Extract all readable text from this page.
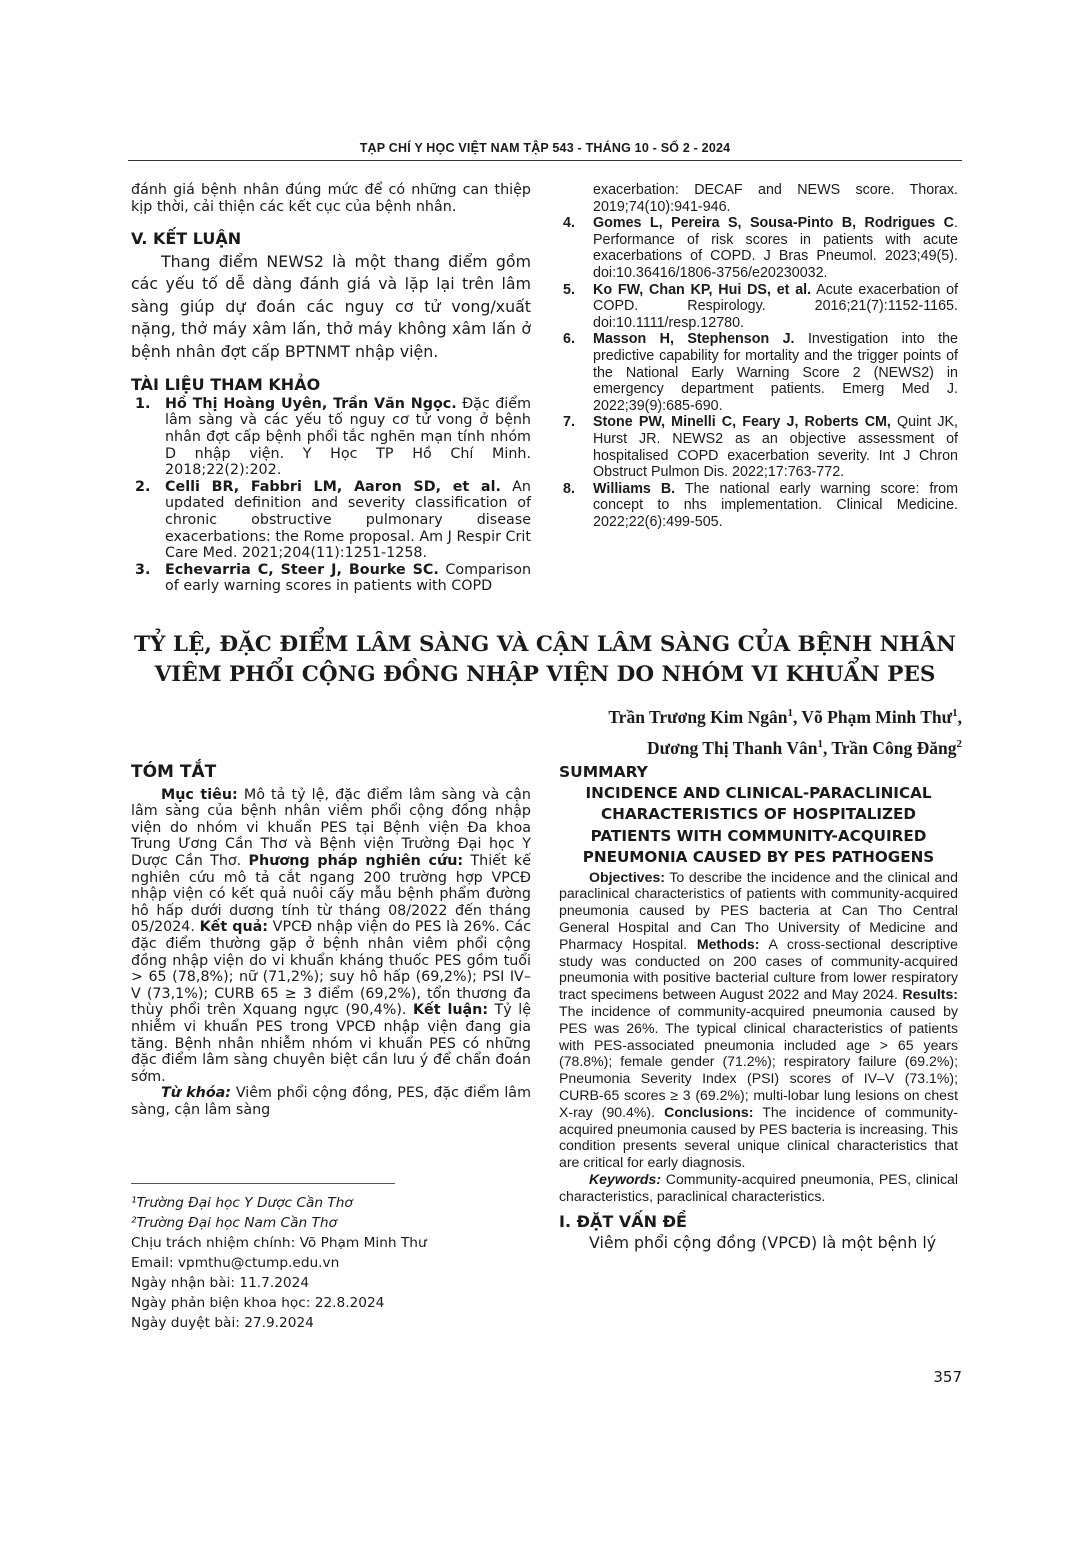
TẠP CHÍ Y HỌC VIỆT NAM TẬP 543 - THÁNG 10 - SỐ 2 - 2024

đánh giá bệnh nhân đúng mức để có những can thiệp kịp thời, cải thiện các kết cục của bệnh nhân.

V. KẾT LUẬN

Thang điểm NEWS2 là một thang điểm gồm các yếu tố dễ dàng đánh giá và lặp lại trên lâm sàng giúp dự đoán các nguy cơ tử vong/xuất nặng, thở máy xâm lấn, thở máy không xâm lấn ở bệnh nhân đợt cấp BPTNMT nhập viện.

TÀI LIỆU THAM KHẢO

1. Hồ Thị Hoàng Uyên, Trần Văn Ngọc. Đặc điểm lâm sàng và các yếu tố nguy cơ tử vong ở bệnh nhân đợt cấp bệnh phổi tắc nghẽn mạn tính nhóm D nhập viện. Y Học TP Hồ Chí Minh. 2018;22(2):202.
2. Celli BR, Fabbri LM, Aaron SD, et al. An updated definition and severity classification of chronic obstructive pulmonary disease exacerbations: the Rome proposal. Am J Respir Crit Care Med. 2021;204(11):1251-1258.
3. Echevarria C, Steer J, Bourke SC. Comparison of early warning scores in patients with COPD
exacerbation: DECAF and NEWS score. Thorax. 2019;74(10):941-946.
4. Gomes L, Pereira S, Sousa-Pinto B, Rodrigues C. Performance of risk scores in patients with acute exacerbations of COPD. J Bras Pneumol. 2023;49(5). doi:10.36416/1806-3756/e20230032.
5. Ko FW, Chan KP, Hui DS, et al. Acute exacerbation of COPD. Respirology. 2016;21(7):1152-1165. doi:10.1111/resp.12780.
6. Masson H, Stephenson J. Investigation into the predictive capability for mortality and the trigger points of the National Early Warning Score 2 (NEWS2) in emergency department patients. Emerg Med J. 2022;39(9):685-690.
7. Stone PW, Minelli C, Feary J, Roberts CM, Quint JK, Hurst JR. NEWS2 as an objective assessment of hospitalised COPD exacerbation severity. Int J Chron Obstruct Pulmon Dis. 2022;17:763-772.
8. Williams B. The national early warning score: from concept to nhs implementation. Clinical Medicine. 2022;22(6):499-505.
TỶ LỆ, ĐẶC ĐIỂM LÂM SÀNG VÀ CẬN LÂM SÀNG CỦA BỆNH NHÂN
VIÊM PHỔI CỘNG ĐỒNG NHẬP VIỆN DO NHÓM VI KHUẨN PES
Trần Trương Kim Ngân$^1$, Võ Phạm Minh Thư$^1$,
Dương Thị Thanh Vân$^1$, Trần Công Đăng$^2$

TÓM TẮT

Mục tiêu: Mô tả tỷ lệ, đặc điểm lâm sàng và cận lâm sàng của bệnh nhân viêm phổi cộng đồng nhập viện do nhóm vi khuẩn PES tại Bệnh viện Đa khoa Trung Ương Cần Thơ và Bệnh viện Trường Đại học Y Dược Cần Thơ. Phương pháp nghiên cứu: Thiết kế nghiên cứu mô tả cắt ngang 200 trường hợp VPCĐ nhập viện có kết quả nuôi cấy mẫu bệnh phẩm đường hô hấp dưới dương tính từ tháng 08/2022 đến tháng 05/2024. Kết quả: VPCĐ nhập viện do PES là 26%. Các đặc điểm thường gặp ở bệnh nhân viêm phổi cộng đồng nhập viện do vi khuẩn kháng thuốc PES gồm tuổi > 65 (78,8%); nữ (71,2%); suy hô hấp (69,2%); PSI IV–V (73,1%); CURB 65 ≥ 3 điểm (69,2%), tổn thương đa thùy phổi trên Xquang ngực (90,4%). Kết luận: Tỷ lệ nhiễm vi khuẩn PES trong VPCĐ nhập viện đang gia tăng. Bệnh nhân nhiễm nhóm vi khuẩn PES có những đặc điểm lâm sàng chuyên biệt cần lưu ý để chẩn đoán sớm.

Từ khóa: Viêm phổi cộng đồng, PES, đặc điểm lâm sàng, cận lâm sàng

¹Trường Đại học Y Dược Cần Thơ

²Trường Đại học Nam Cần Thơ

Chịu trách nhiệm chính: Võ Phạm Minh Thư

Email: vpmthu@ctump.edu.vn

Ngày nhận bài: 11.7.2024

Ngày phản biện khoa học: 22.8.2024

Ngày duyệt bài: 27.9.2024

SUMMARY

INCIDENCE AND CLINICAL-PARACLINICAL CHARACTERISTICS OF HOSPITALIZED PATIENTS WITH COMMUNITY-ACQUIRED PNEUMONIA CAUSED BY PES PATHOGENS

Objectives: To describe the incidence and the clinical and paraclinical characteristics of patients with community-acquired pneumonia caused by PES bacteria at Can Tho Central General Hospital and Can Tho University of Medicine and Pharmacy Hospital. Methods: A cross-sectional descriptive study was conducted on 200 cases of community-acquired pneumonia with positive bacterial culture from lower respiratory tract specimens between August 2022 and May 2024. Results: The incidence of community-acquired pneumonia caused by PES was 26%. The typical clinical characteristics of patients with PES-associated pneumonia included age > 65 years (78.8%); female gender (71.2%); respiratory failure (69.2%); Pneumonia Severity Index (PSI) scores of IV–V (73.1%); CURB-65 scores ≥ 3 (69.2%); multi-lobar lung lesions on chest X-ray (90.4%). Conclusions: The incidence of community-acquired pneumonia caused by PES bacteria is increasing. This condition presents several unique clinical characteristics that are critical for early diagnosis.

Keywords: Community-acquired pneumonia, PES, clinical characteristics, paraclinical characteristics.

I. ĐẶT VẤN ĐỀ

Viêm phổi cộng đồng (VPCĐ) là một bệnh lý

357
